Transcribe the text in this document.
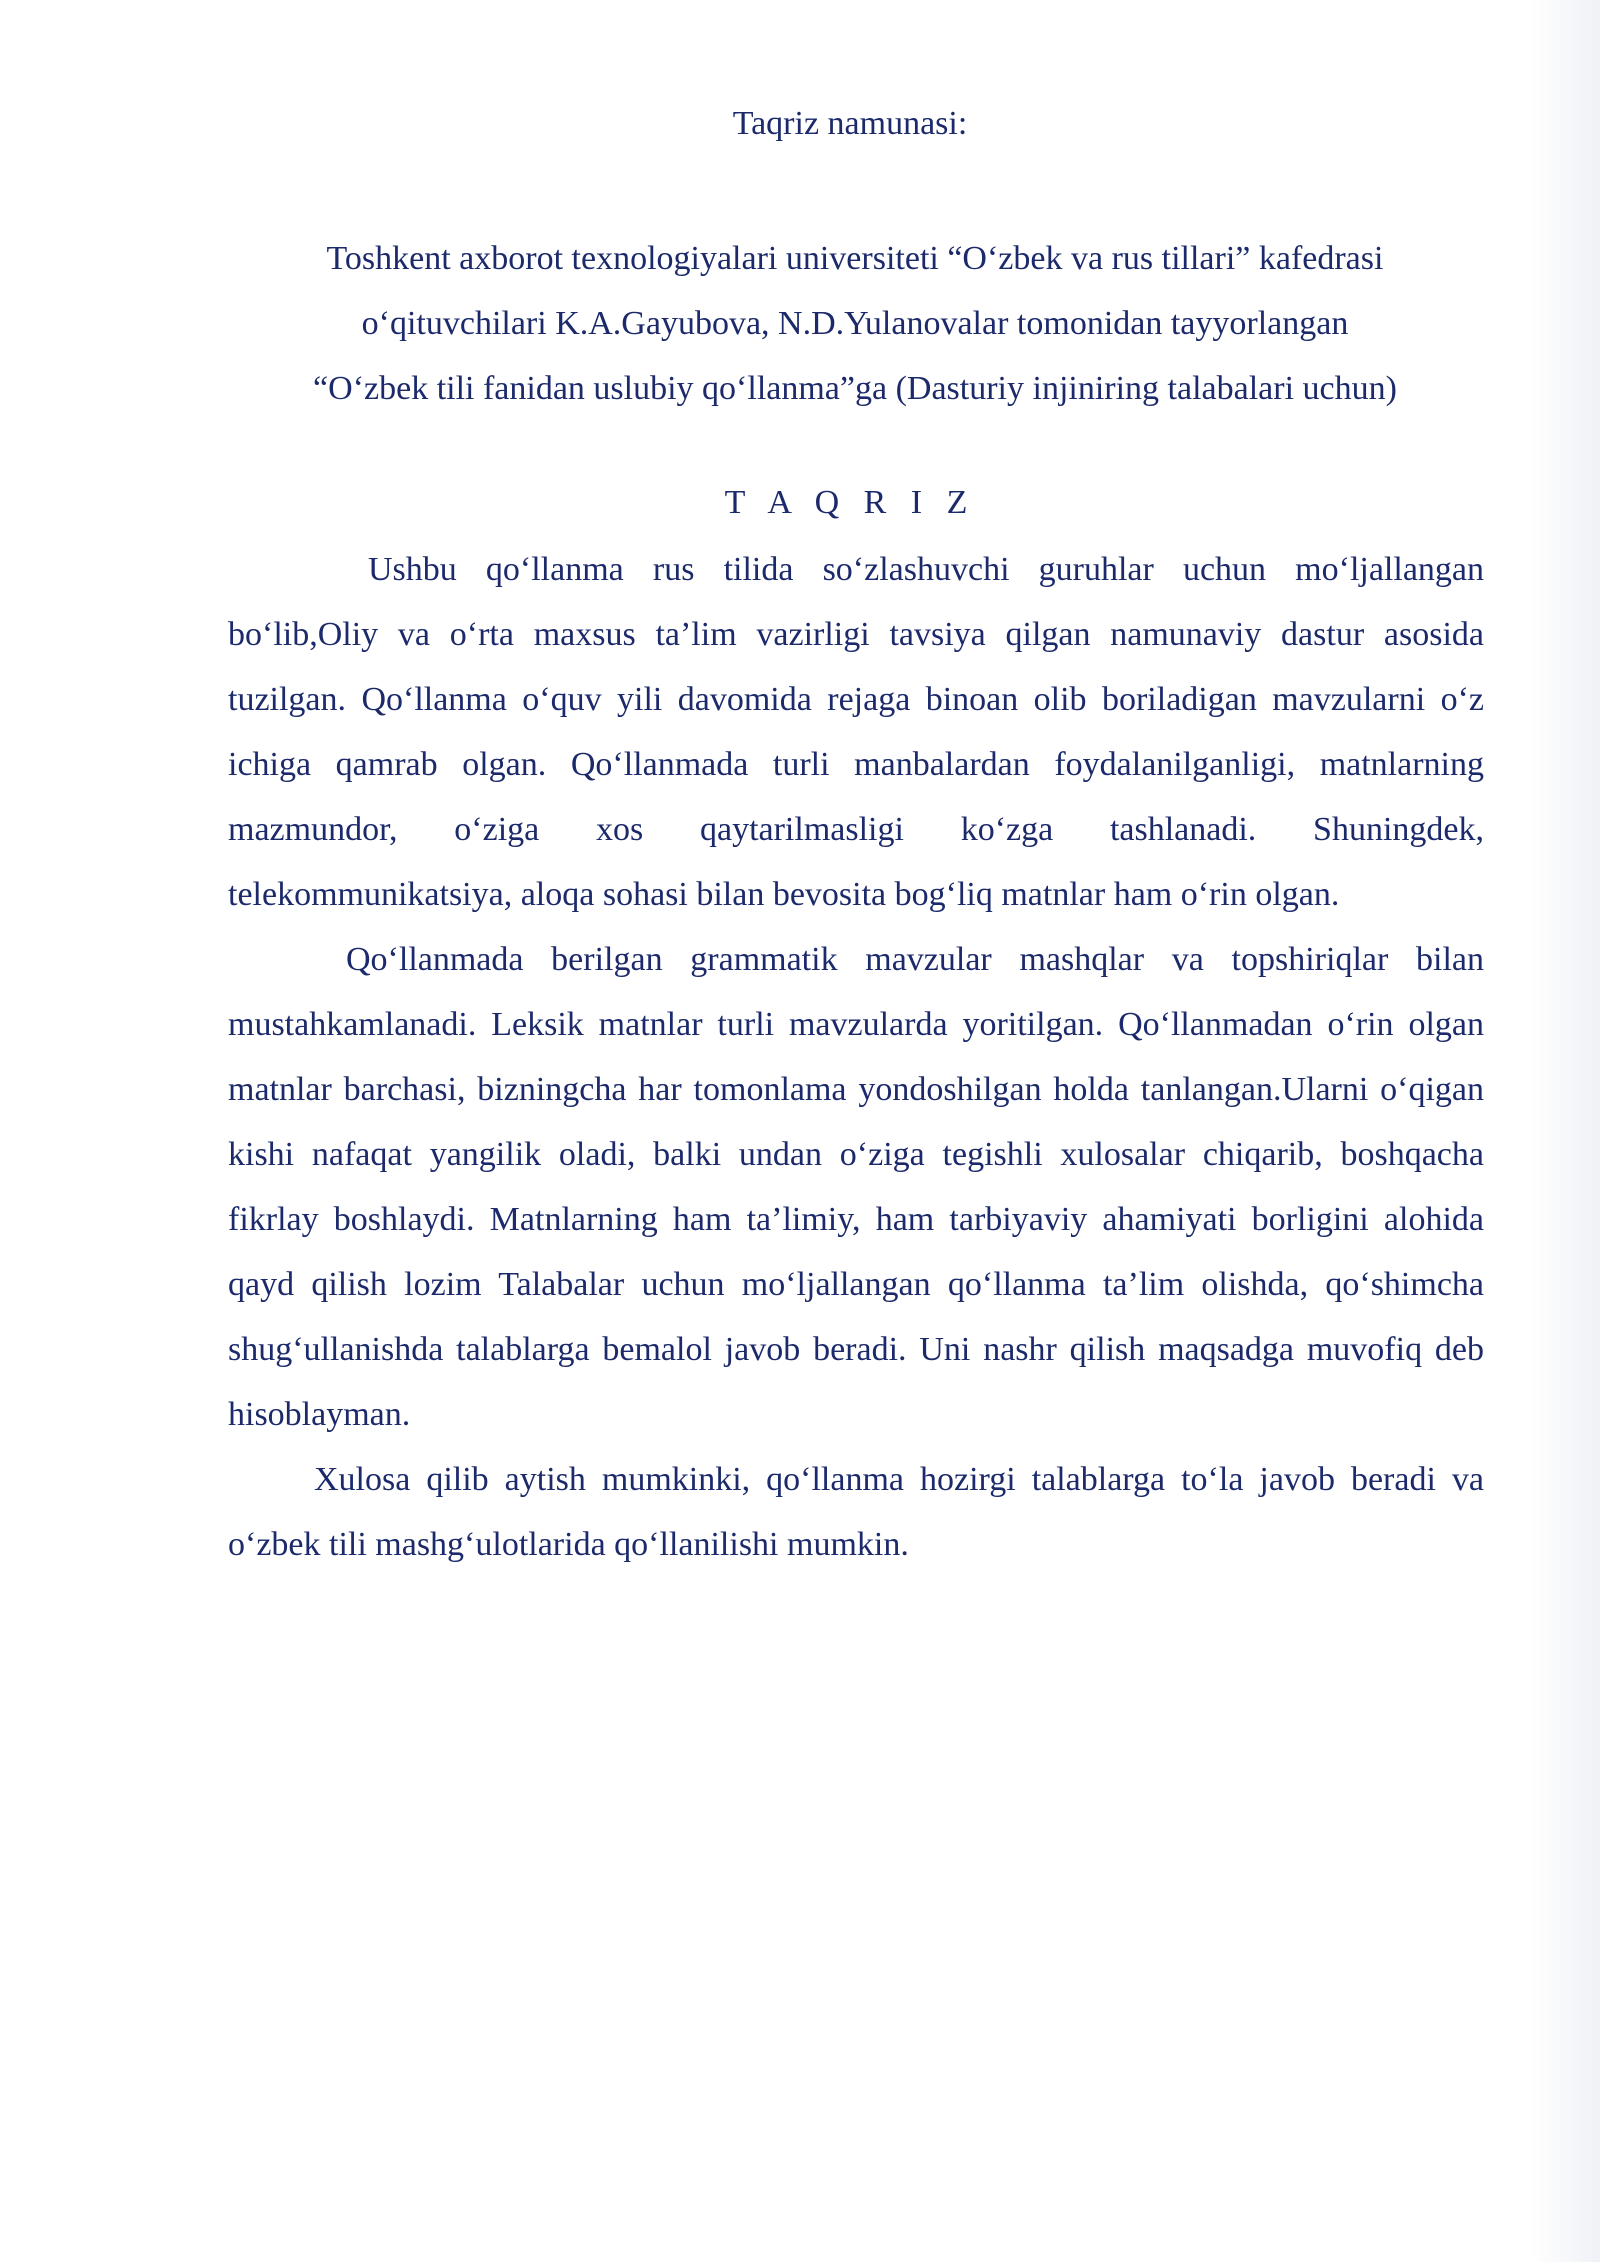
Taqriz namunasi:
Toshkent axborot texnologiyalari universiteti “O‘zbek va rus tillari” kafedrasi
o‘qituvchilari K.A.Gayubova, N.D.Yulanovalar tomonidan tayyorlangan
“O‘zbek tili fanidan uslubiy qo‘llanma”ga (Dasturiy injiniring talabalari uchun)
T A Q R I Z

Ushbu qo‘llanma rus tilida so‘zlashuvchi guruhlar uchun mo‘ljallangan bo‘lib,Oliy va o‘rta maxsus ta’lim vazirligi tavsiya qilgan namunaviy dastur asosida tuzilgan. Qo‘llanma o‘quv yili davomida rejaga binoan olib boriladigan mavzularni o‘z ichiga qamrab olgan. Qo‘llanmada turli manbalardan foydalanilganligi, matnlarning mazmundor, o‘ziga xos qaytarilmasligi ko‘zga tashlanadi. Shuningdek, telekommunikatsiya, aloqa sohasi bilan bevosita bog‘liq matnlar ham o‘rin olgan.

Qo‘llanmada berilgan grammatik mavzular mashqlar va topshiriqlar bilan mustahkamlanadi. Leksik matnlar turli mavzularda yoritilgan. Qo‘llanmadan o‘rin olgan matnlar barchasi, bizningcha har tomonlama yondoshilgan holda tanlangan.Ularni o‘qigan kishi nafaqat yangilik oladi, balki undan o‘ziga tegishli xulosalar chiqarib, boshqacha fikrlay boshlaydi. Matnlarning ham ta’limiy, ham tarbiyaviy ahamiyati borligini alohida qayd qilish lozim Talabalar uchun mo‘ljallangan qo‘llanma ta’lim olishda, qo‘shimcha shug‘ullanishda talablarga bemalol javob beradi. Uni nashr qilish maqsadga muvofiq deb hisoblayman.

Xulosa qilib aytish mumkinki, qo‘llanma hozirgi talablarga to‘la javob beradi va o‘zbek tili mashg‘ulotlarida qo‘llanilishi mumkin.
